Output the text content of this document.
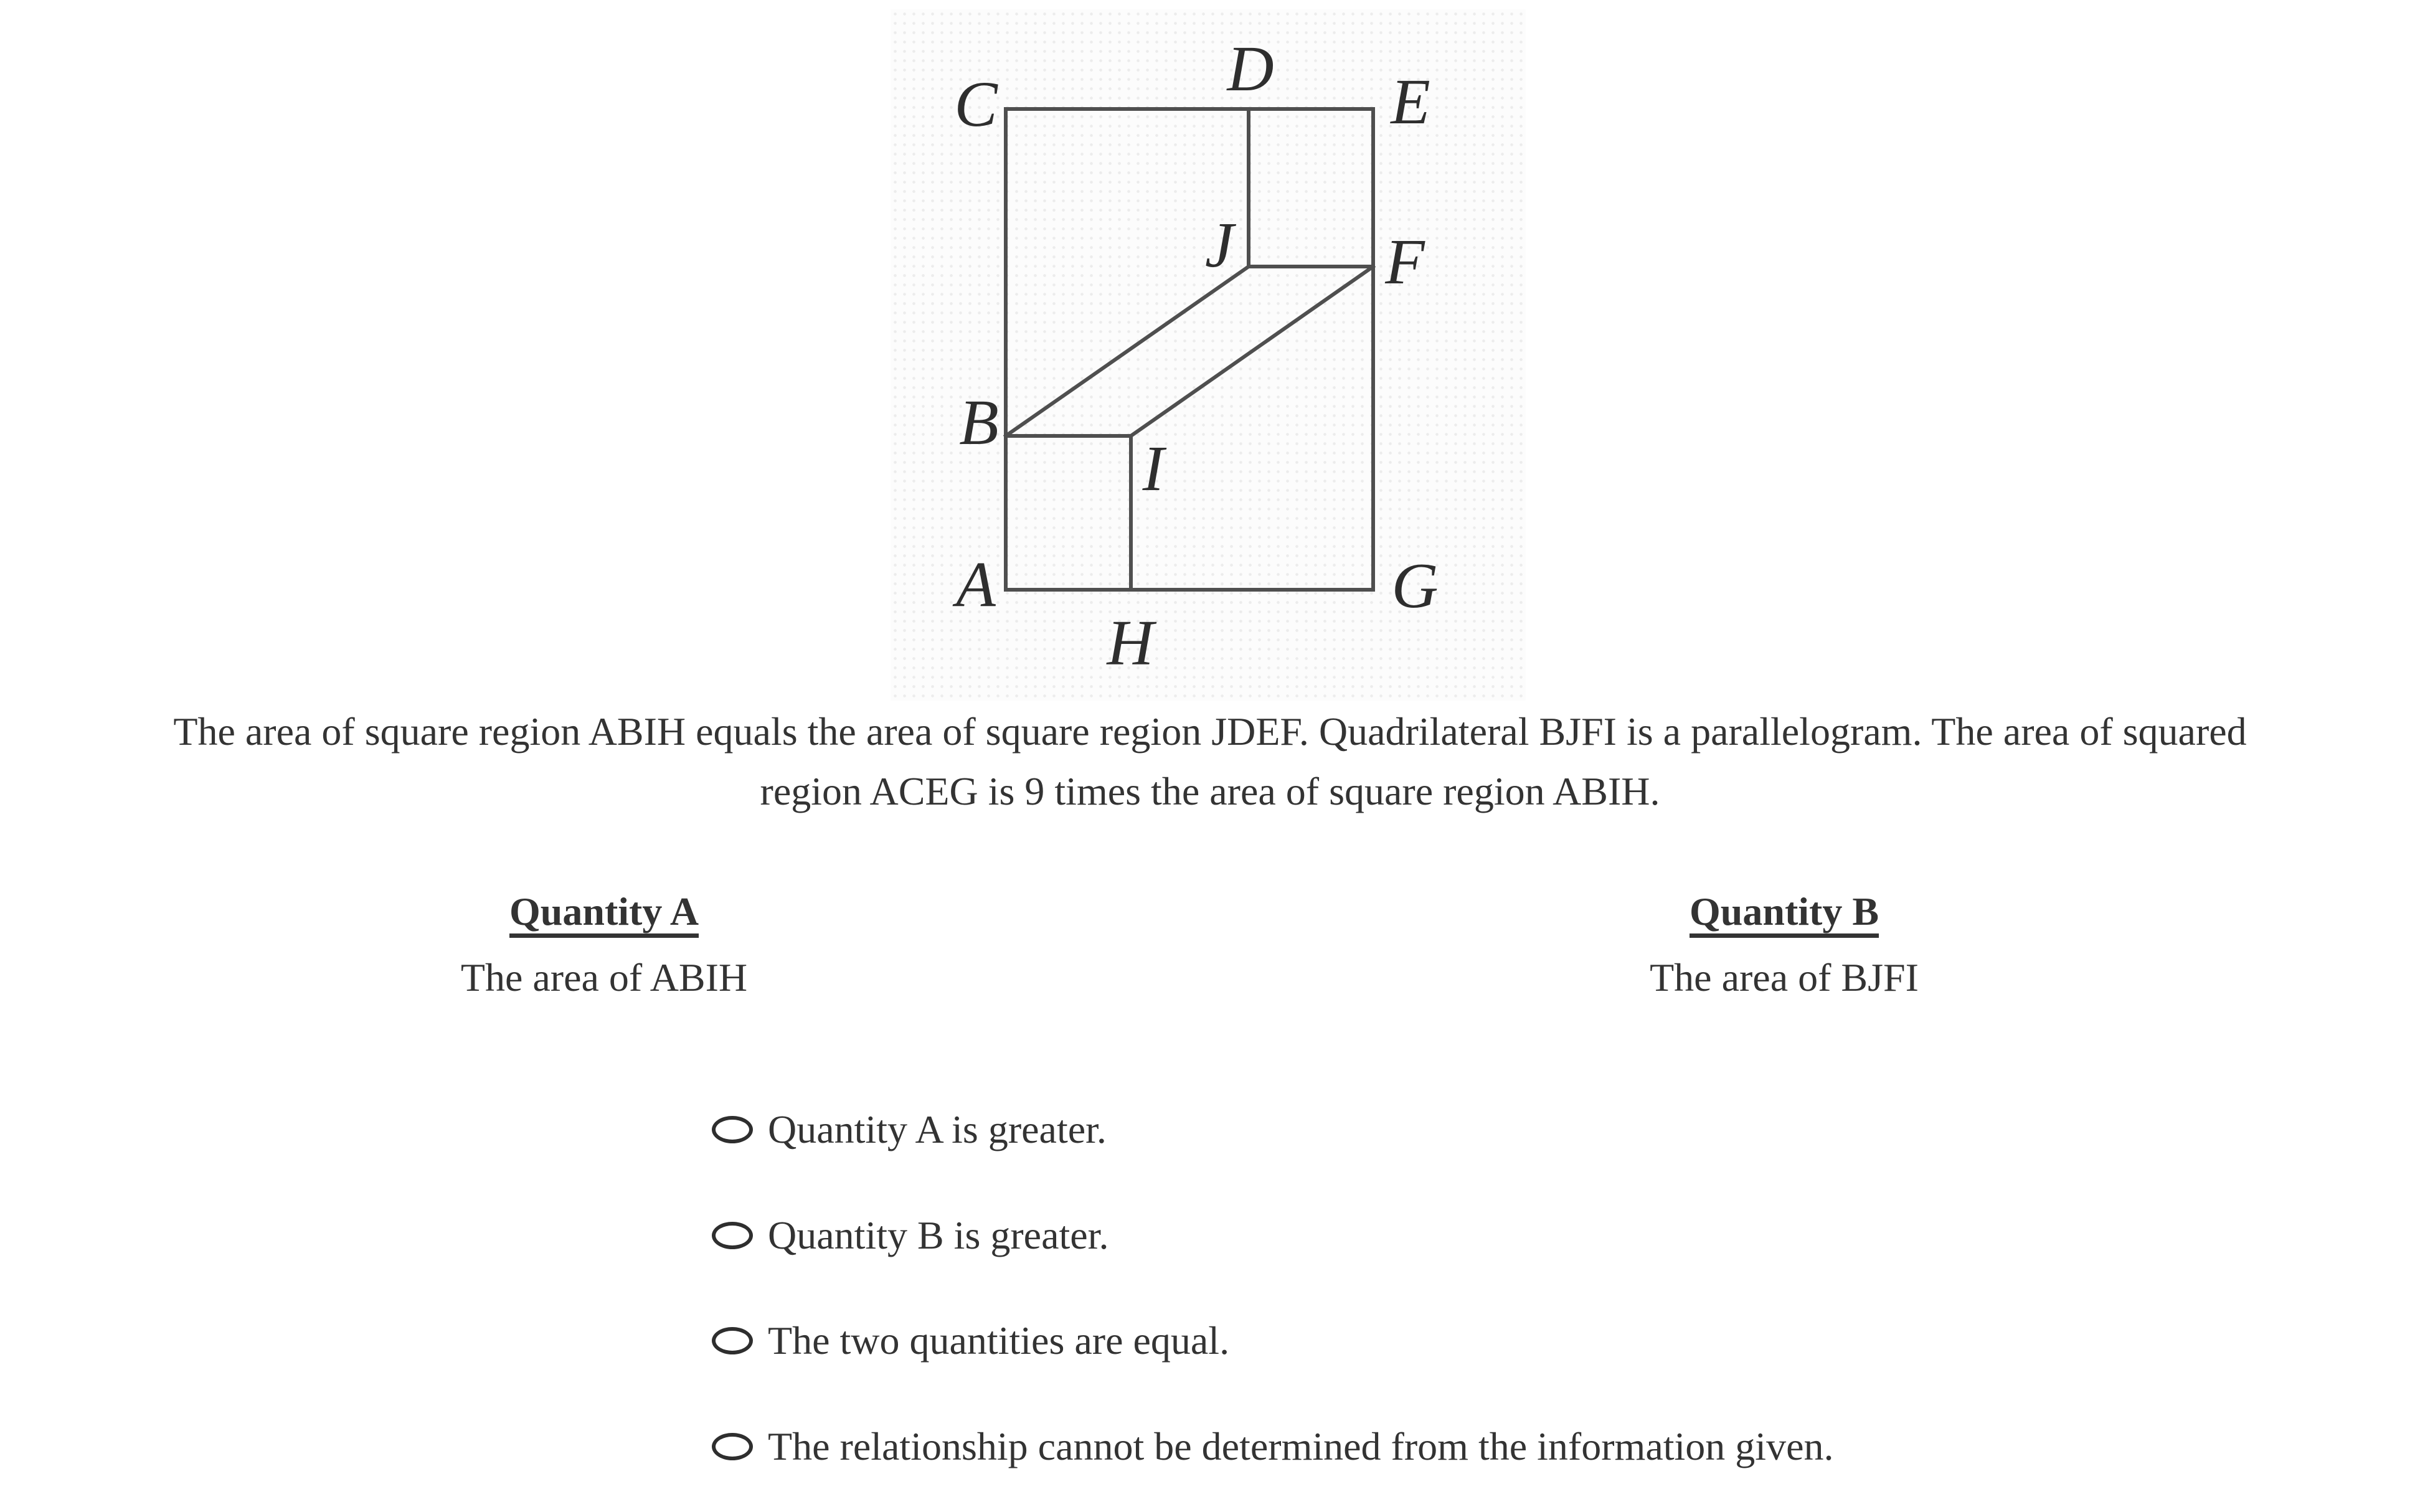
C	D E
J F
B
I
A	G
H
The area of square region ABIH equals the area of square region JDEF. Quadrilateral BJFI is a parallelogram. The area of squared
region ACEG is 9 times the area of square region ABIH.
Quantity A
The area of ABIH
Quantity B
The area of BJFI
Quantity A is greater.
Quantity B is greater.
The two quantities are equal.
The relationship cannot be determined from the information given.
